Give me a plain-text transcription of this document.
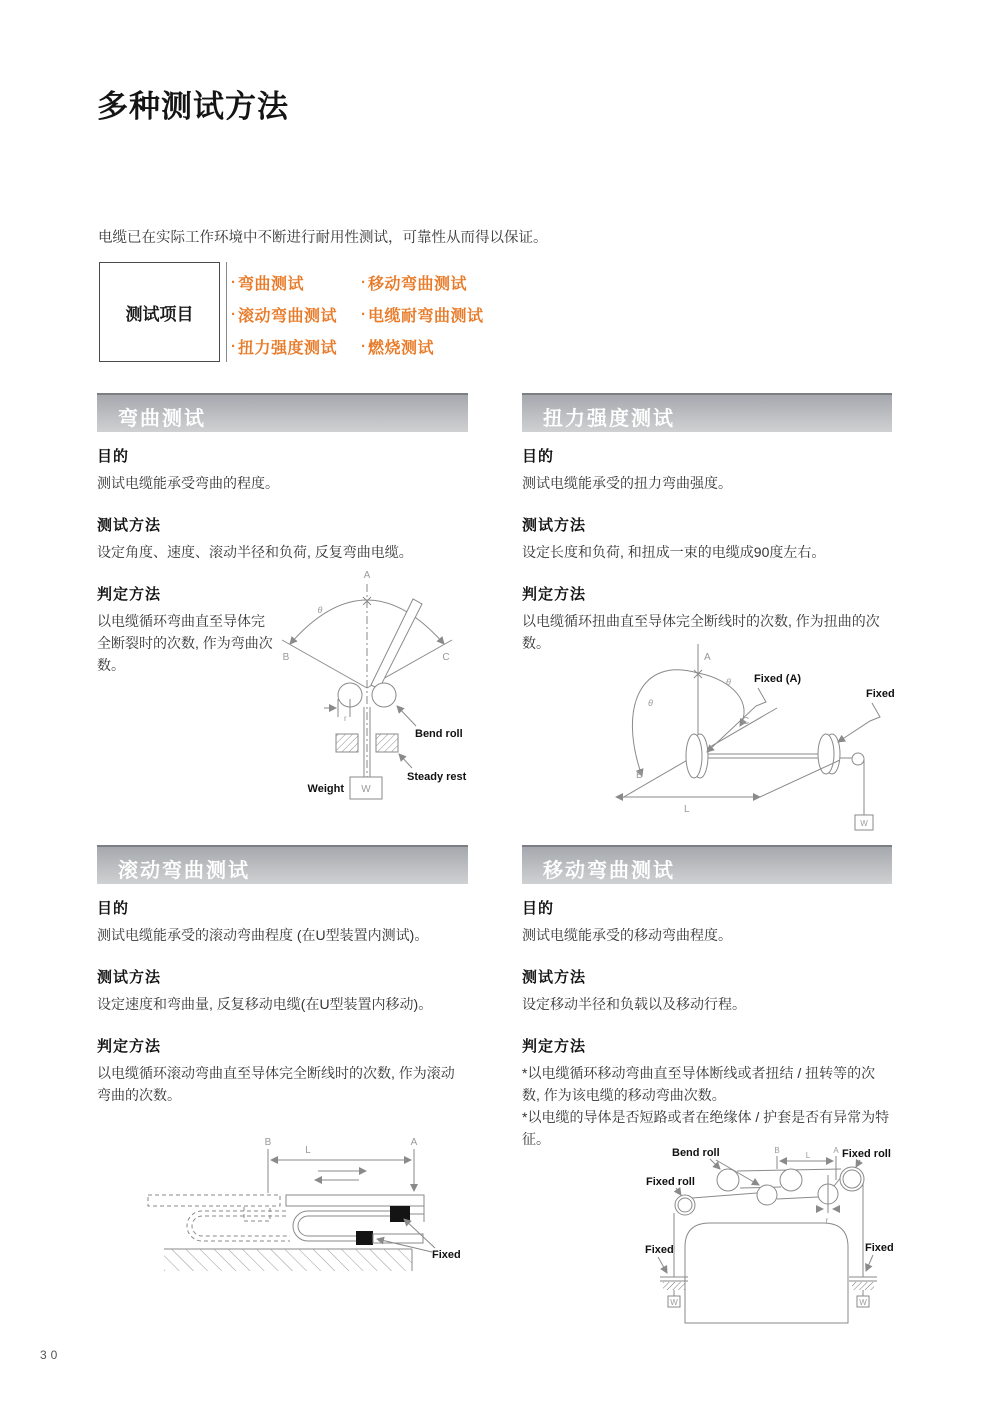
多种测试方法

电缆已在实际工作环境中不断进行耐用性测试，可靠性从而得以保证。

测试项目
· 弯曲测试
· 滚动弯曲测试
· 扭力强度测试
· 移动弯曲测试
· 电缆耐弯曲测试
· 燃烧测试
弯曲测试
目的

测试电缆能承受弯曲的程度。

测试方法

设定角度、速度、滚动半径和负荷, 反复弯曲电缆。

判定方法

以电缆循环弯曲直至导体完全断裂时的次数, 作为弯曲次数。

A
θ
B	C
r
W
Weight
Bend roll
Steady rest
扭力强度测试
目的

测试电缆能承受的扭力弯曲强度。

测试方法

设定长度和负荷, 和扭成一束的电缆成90度左右。

判定方法

以电缆循环扭曲直至导体完全断线时的次数, 作为扭曲的次数。

A
θ
θ
B
C
W
L
Fixed (A)
Fixed
滚动弯曲测试
目的

测试电缆能承受的滚动弯曲程度 (在U型装置内测试)。

测试方法

设定速度和弯曲量, 反复移动电缆(在U型装置内移动)。

判定方法

以电缆循环滚动弯曲直至导体完全断线时的次数, 作为滚动弯曲的次数。

B	A
L
Fixed
移动弯曲测试
目的

测试电缆能承受的移动弯曲程度。

测试方法

设定移动半径和负载以及移动行程。

判定方法

*以电缆循环移动弯曲直至导体断线或者扭结 / 扭转等的次数, 作为该电缆的移动弯曲次数。

*以电缆的导体是否短路或者在绝缘体 / 护套是否有异常为特征。

Bend roll
Fixed roll
Fixed roll
B	A
L
r
W	W
Fixed	Fixed
30
